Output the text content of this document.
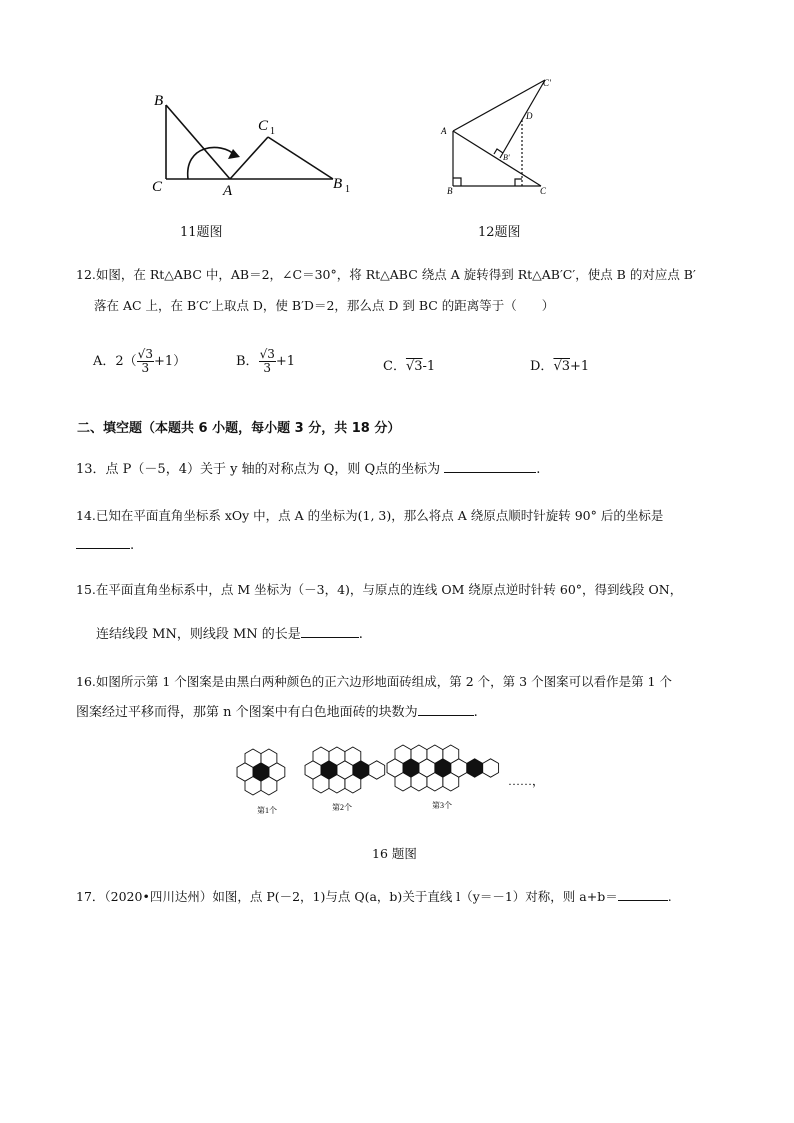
B
C	A
C 1
B 1
11题图
C'
D
A
B'
B	C
12题图
12.如图，在 Rt△ABC 中，AB＝2，∠C＝30°，将 Rt△ABC 绕点 A 旋转得到 Rt△AB′C′，使点 B 的对应点 B′
落在 AC 上，在 B′C′上取点 D，使 B′D＝2，那么点 D 到 BC 的距离等于（　　）
A．$2( \frac{√3}{3} +1)$	B． $\frac{√3}{3} +1$	C．√3-1	D．√3+1
二、填空题（本题共 6 小题，每小题 3 分，共 18 分）
13．点 P（－5，4）关于 y 轴的对称点为 Q，则 Q点的坐标为	.
14.已知在平面直角坐标系 xOy 中，点 A 的坐标为(1, 3)，那么将点 A 绕原点顺时针旋转 90° 后的坐标是
.
15.在平面直角坐标系中，点 M 坐标为（－3，4)，与原点的连线 OM 绕原点逆时针转 60°，得到线段 ON，
连结线段 MN，则线段 MN 的长是	.
16.如图所示第 1 个图案是由黑白两种颜色的正六边形地面砖组成，第 2 个，第 3 个图案可以看作是第 1 个
图案经过平移而得，那第 n 个图案中有白色地面砖的块数为	.
第1个	第2个	第3个
……，
16 题图
17．（2020•四川达州）如图，点 P(－2，1)与点 Q(a，b)关于直线 l（y＝－1）对称，则 a+b＝	.
